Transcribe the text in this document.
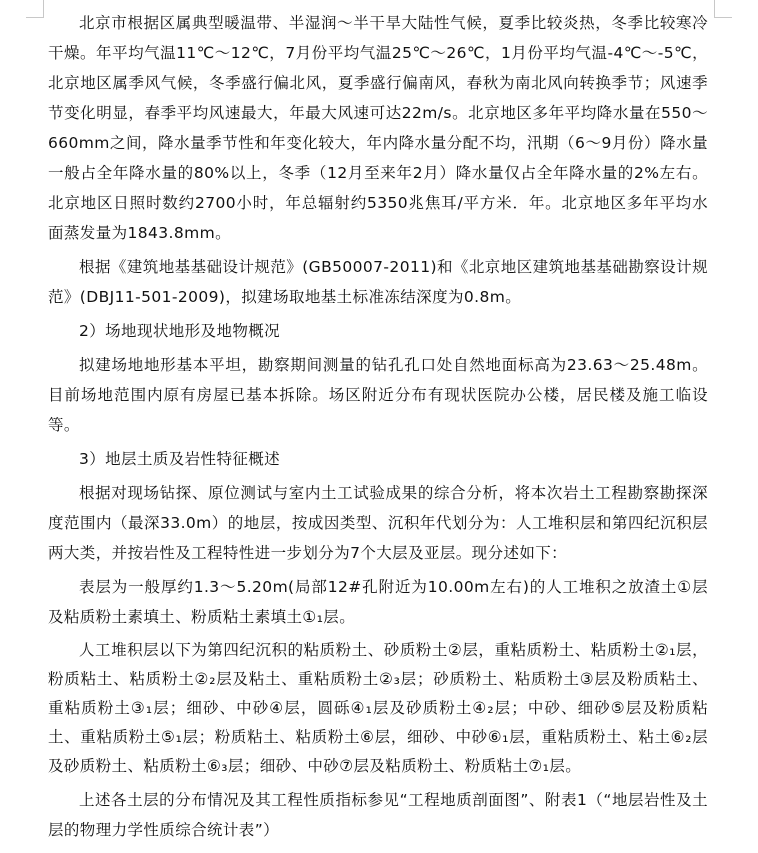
北京市根据区属典型暖温带、半湿润～半干旱大陆性气候，夏季比较炎热，冬季比较寒冷干燥。年平均气温11℃～12℃，7月份平均气温25℃～26℃，1月份平均气温-4℃～-5℃，北京地区属季风气候，冬季盛行偏北风，夏季盛行偏南风，春秋为南北风向转换季节；风速季节变化明显，春季平均风速最大，年最大风速可达22m/s。北京地区多年平均降水量在550～660mm之间，降水量季节性和年变化较大，年内降水量分配不均，汛期（6～9月份）降水量一般占全年降水量的80%以上，冬季（12月至来年2月）降水量仅占全年降水量的2%左右。北京地区日照时数约2700小时，年总辐射约5350兆焦耳/平方米．年。北京地区多年平均水面蒸发量为1843.8mm。

根据《建筑地基基础设计规范》(GB50007-2011)和《北京地区建筑地基基础勘察设计规范》(DBJ11-501-2009)，拟建场取地基土标准冻结深度为0.8m。

2）场地现状地形及地物概况

拟建场地地形基本平坦，勘察期间测量的钻孔孔口处自然地面标高为23.63～25.48m。目前场地范围内原有房屋已基本拆除。场区附近分布有现状医院办公楼，居民楼及施工临设等。

3）地层土质及岩性特征概述

根据对现场钻探、原位测试与室内土工试验成果的综合分析，将本次岩土工程勘察勘探深度范围内（最深33.0m）的地层，按成因类型、沉积年代划分为：人工堆积层和第四纪沉积层两大类，并按岩性及工程特性进一步划分为7个大层及亚层。现分述如下：

表层为一般厚约1.3～5.20m(局部12#孔附近为10.00m左右)的人工堆积之放渣土①层及粘质粉土素填土、粉质粘土素填土①₁层。

人工堆积层以下为第四纪沉积的粘质粉土、砂质粉土②层，重粘质粉土、粘质粉土②₁层，粉质粘土、粘质粉土②₂层及粘土、重粘质粉土②₃层；砂质粉土、粘质粉土③层及粉质粘土、重粘质粉土③₁层；细砂、中砂④层，圆砾④₁层及砂质粉土④₂层；中砂、细砂⑤层及粉质粘土、重粘质粉土⑤₁层；粉质粘土、粘质粉土⑥层，细砂、中砂⑥₁层，重粘质粉土、粘土⑥₂层及砂质粉土、粘质粉土⑥₃层；细砂、中砂⑦层及粘质粉土、粉质粘土⑦₁层。

上述各土层的分布情况及其工程性质指标参见“工程地质剖面图”、附表1（“地层岩性及土层的物理力学性质综合统计表”）
